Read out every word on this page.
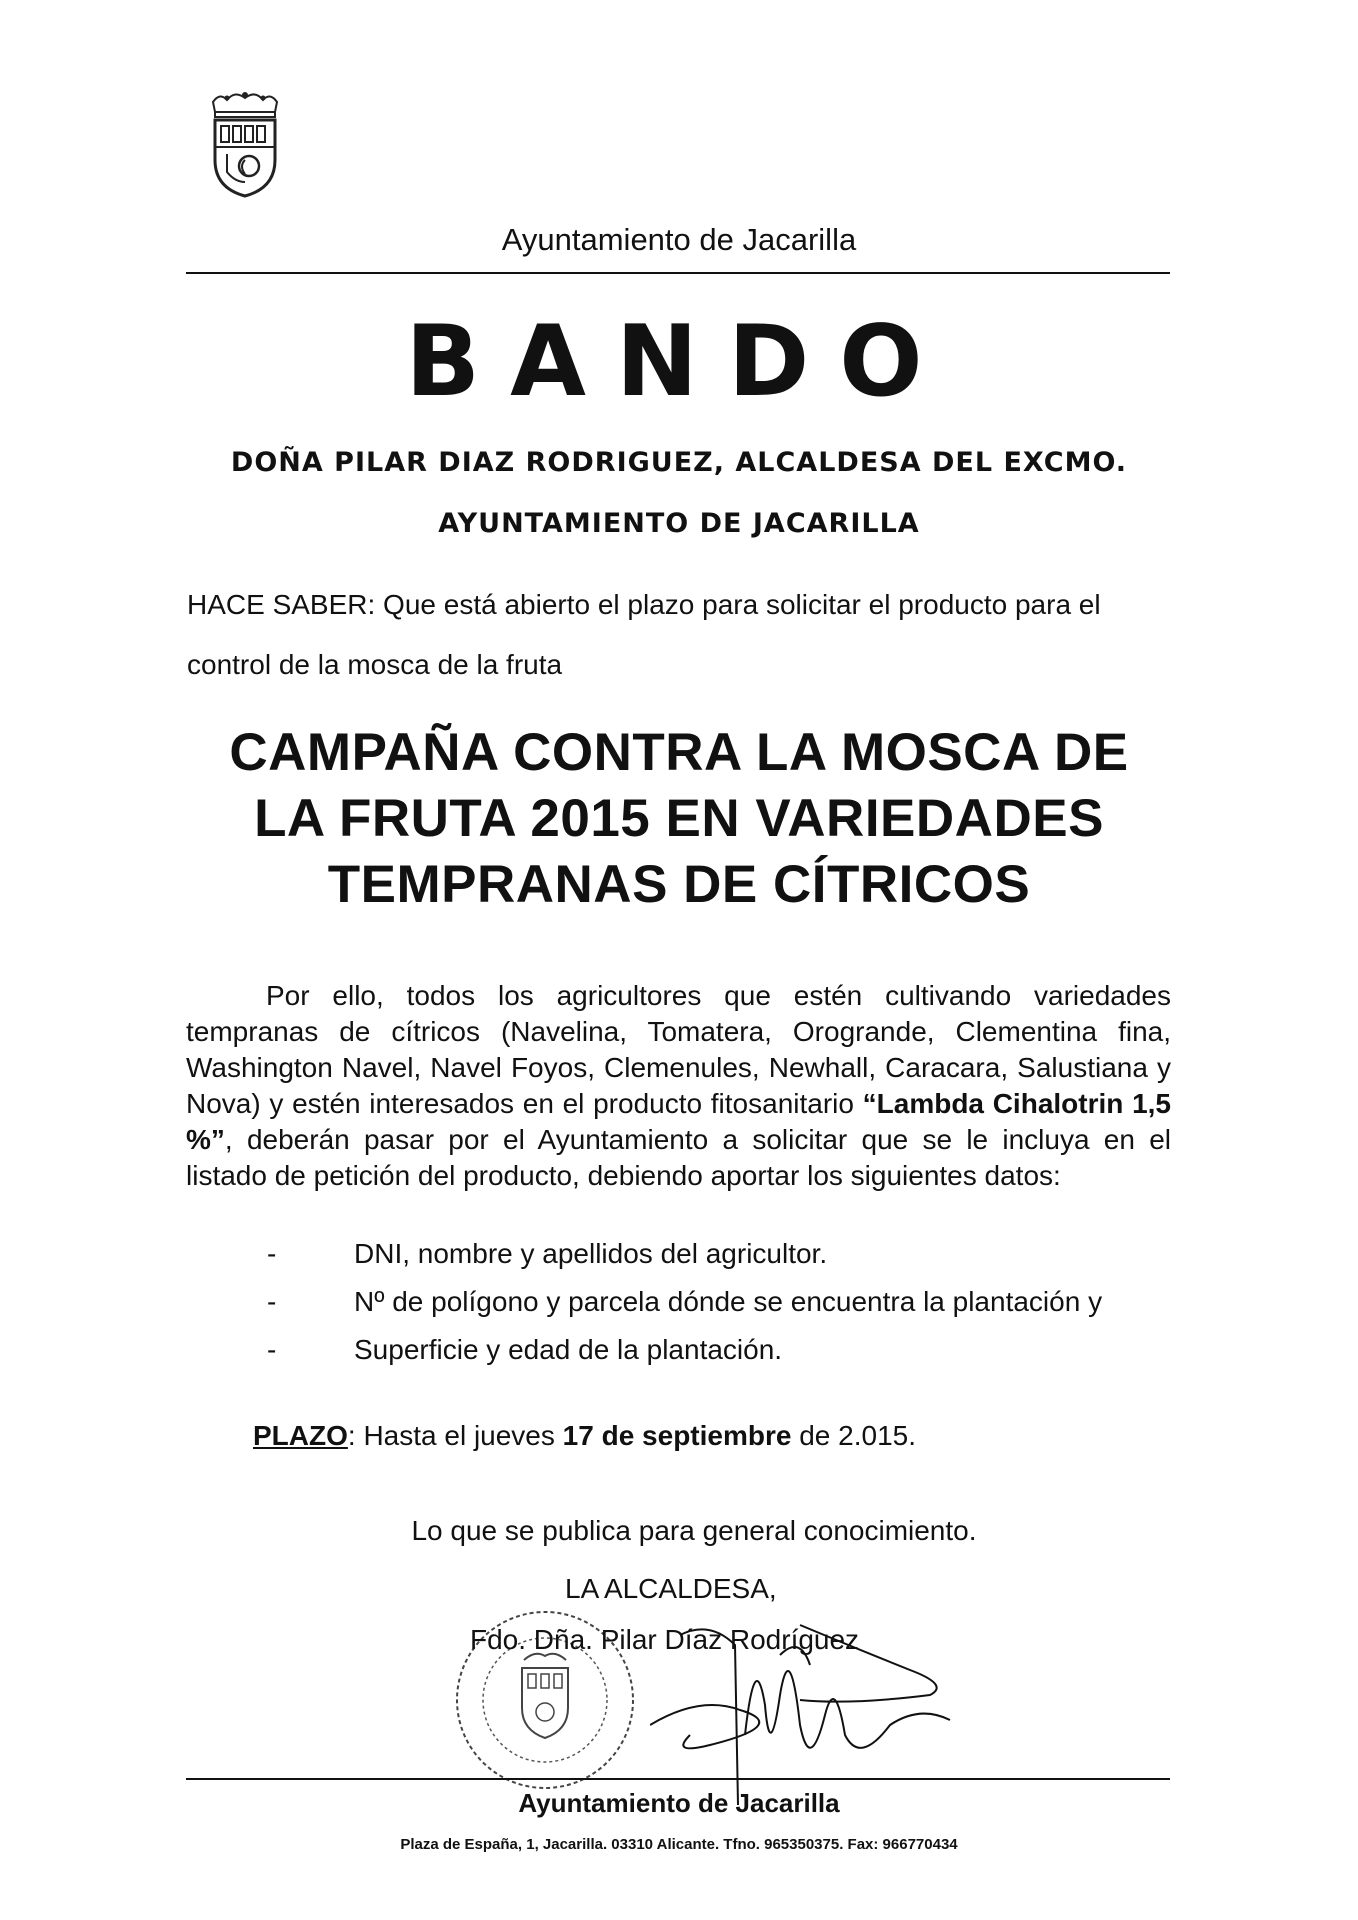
Ayuntamiento de Jacarilla
BANDO
DOÑA PILAR DIAZ RODRIGUEZ, ALCALDESA DEL EXCMO.
AYUNTAMIENTO DE JACARILLA
HACE SABER: Que está abierto el plazo para solicitar el producto para el control de la mosca de la fruta
CAMPAÑA CONTRA LA MOSCA DE
LA FRUTA 2015 EN VARIEDADES
TEMPRANAS DE CÍTRICOS
Por ello, todos los agricultores que estén cultivando variedades tempranas de cítricos (Navelina, Tomatera, Orogrande, Clementina fina, Washington Navel, Navel Foyos, Clemenules, Newhall, Caracara, Salustiana y Nova) y estén interesados en el producto fitosanitario “Lambda Cihalotrin 1,5 %”, deberán pasar por el Ayuntamiento a solicitar que se le incluya en el listado de petición del producto, debiendo aportar los siguientes datos:
-	DNI, nombre y apellidos del agricultor.
-	Nº de polígono y parcela dónde se encuentra la plantación y
-	Superficie y edad de la plantación.
PLAZO: Hasta el jueves 17 de septiembre de 2.015.
Lo que se publica para general conocimiento.
LA ALCALDESA,
Fdo. Dña. Pilar Díaz Rodríguez
Ayuntamiento de Jacarilla
Plaza de España, 1, Jacarilla. 03310 Alicante. Tfno. 965350375. Fax: 966770434
